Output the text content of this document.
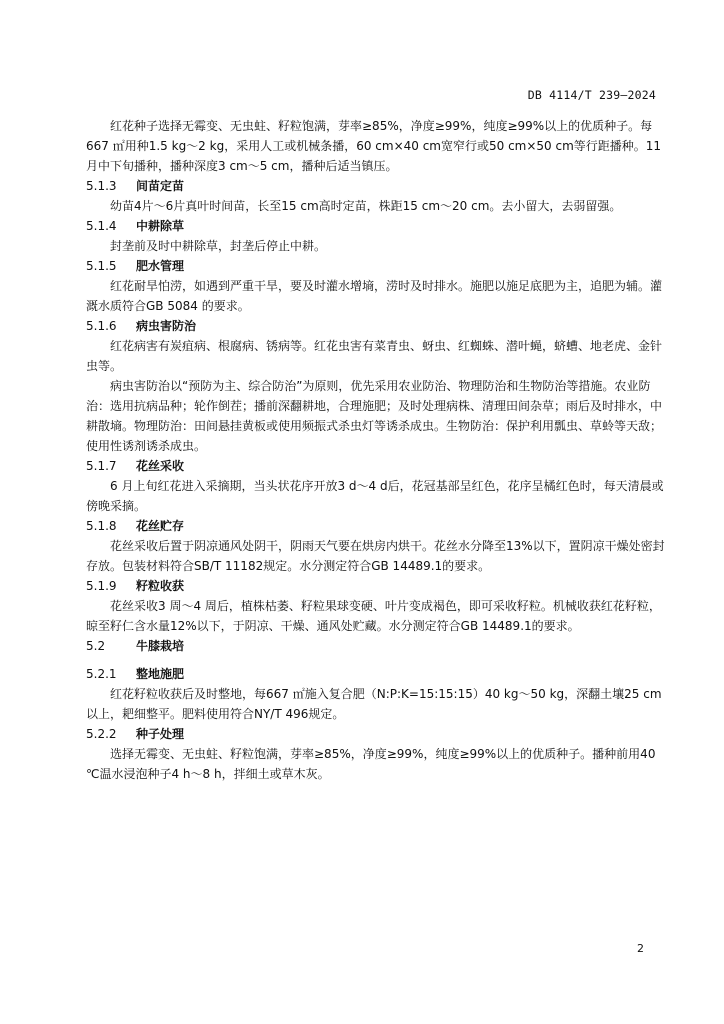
DB 4114/T 239—2024

红花种子选择无霉变、无虫蛀、籽粒饱满，芽率≥85%，净度≥99%，纯度≥99%以上的优质种子。每667 ㎡用种1.5 kg～2 kg，采用人工或机械条播，60 cm×40 cm宽窄行或50 cm×50 cm等行距播种。11月中下旬播种，播种深度3 cm～5 cm，播种后适当镇压。

5.1.3 间苗定苗

幼苗4片～6片真叶时间苗，长至15 cm高时定苗，株距15 cm～20 cm。去小留大，去弱留强。

5.1.4 中耕除草

封垄前及时中耕除草，封垄后停止中耕。

5.1.5 肥水管理

红花耐旱怕涝，如遇到严重干旱，要及时灌水增墒，涝时及时排水。施肥以施足底肥为主，追肥为辅。灌溉水质符合GB 5084 的要求。

5.1.6 病虫害防治

红花病害有炭疽病、根腐病、锈病等。红花虫害有菜青虫、蚜虫、红蜘蛛、潜叶蝇，蛴螬、地老虎、金针虫等。

病虫害防治以“预防为主、综合防治”为原则，优先采用农业防治、物理防治和生物防治等措施。农业防治：选用抗病品种；轮作倒茬；播前深翻耕地，合理施肥；及时处理病株、清理田间杂草；雨后及时排水，中耕散墒。物理防治：田间悬挂黄板或使用频振式杀虫灯等诱杀成虫。生物防治：保护利用瓢虫、草蛉等天敌；使用性诱剂诱杀成虫。

5.1.7 花丝采收

6 月上旬红花进入采摘期，当头状花序开放3 d～4 d后，花冠基部呈红色，花序呈橘红色时，每天清晨或傍晚采摘。

5.1.8 花丝贮存

花丝采收后置于阴凉通风处阴干，阴雨天气要在烘房内烘干。花丝水分降至13%以下，置阴凉干燥处密封存放。包装材料符合SB/T 11182规定。水分测定符合GB 14489.1的要求。

5.1.9 籽粒收获

花丝采收3 周～4 周后，植株枯萎、籽粒果球变硬、叶片变成褐色，即可采收籽粒。机械收获红花籽粒，晾至籽仁含水量12%以下，于阴凉、干燥、通风处贮藏。水分测定符合GB 14489.1的要求。

5.2	牛膝栽培
5.2.1 整地施肥

红花籽粒收获后及时整地，每667 ㎡施入复合肥（N:P:K=15:15:15）40 kg～50 kg，深翻土壤25 cm以上，耙细整平。肥料使用符合NY/T 496规定。

5.2.2 种子处理

选择无霉变、无虫蛀、籽粒饱满，芽率≥85%，净度≥99%，纯度≥99%以上的优质种子。播种前用40 ℃温水浸泡种子4 h～8 h，拌细土或草木灰。

2
